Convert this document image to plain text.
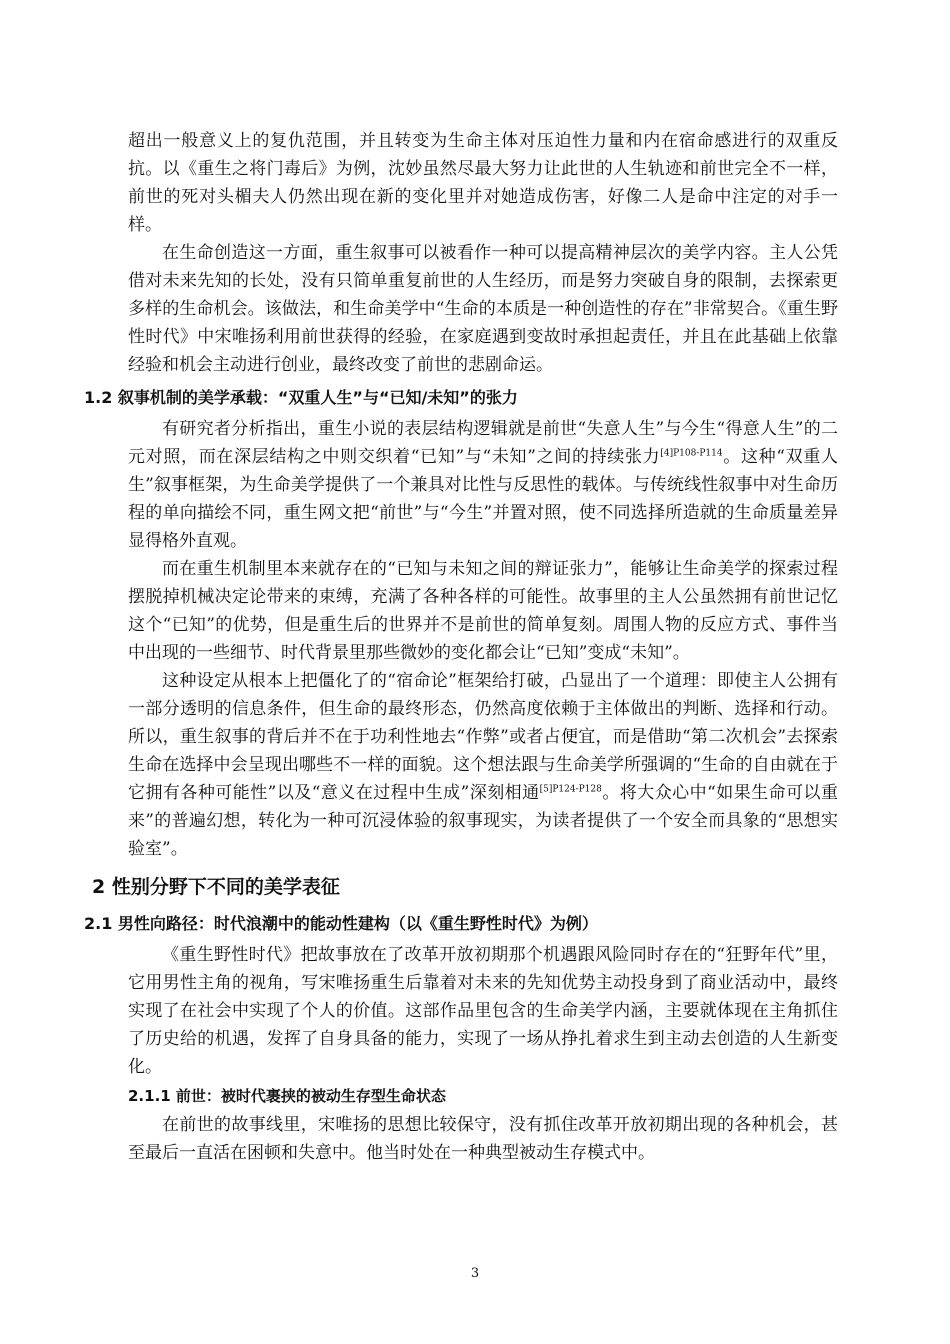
超出一般意义上的复仇范围，并且转变为生命主体对压迫性力量和内在宿命感进行的双重反抗。以《重生之将门毒后》为例，沈妙虽然尽最大努力让此世的人生轨迹和前世完全不一样，前世的死对头楣夫人仍然出现在新的变化里并对她造成伤害，好像二人是命中注定的对手一样。

在生命创造这一方面，重生叙事可以被看作一种可以提高精神层次的美学内容。主人公凭借对未来先知的长处，没有只简单重复前世的人生经历，而是努力突破自身的限制，去探索更多样的生命机会。该做法，和生命美学中“生命的本质是一种创造性的存在”非常契合。《重生野性时代》中宋唯扬利用前世获得的经验，在家庭遇到变故时承担起责任，并且在此基础上依靠经验和机会主动进行创业，最终改变了前世的悲剧命运。

1.2 叙事机制的美学承载：“双重人生”与“已知/未知”的张力

有研究者分析指出，重生小说的表层结构逻辑就是前世“失意人生”与今生“得意人生”的二元对照，而在深层结构之中则交织着“已知”与“未知”之间的持续张力$^{[4]P108-P114}$。这种“双重人生”叙事框架，为生命美学提供了一个兼具对比性与反思性的载体。与传统线性叙事中对生命历程的单向描绘不同，重生网文把“前世”与“今生”并置对照，使不同选择所造就的生命质量差异显得格外直观。

而在重生机制里本来就存在的“已知与未知之间的辩证张力”，能够让生命美学的探索过程摆脱掉机械决定论带来的束缚，充满了各种各样的可能性。故事里的主人公虽然拥有前世记忆这个“已知”的优势，但是重生后的世界并不是前世的简单复刻。周围人物的反应方式、事件当中出现的一些细节、时代背景里那些微妙的变化都会让“已知”变成“未知”。

这种设定从根本上把僵化了的“宿命论”框架给打破，凸显出了一个道理：即使主人公拥有一部分透明的信息条件，但生命的最终形态，仍然高度依赖于主体做出的判断、选择和行动。所以，重生叙事的背后并不在于功利性地去“作弊”或者占便宜，而是借助“第二次机会”去探索生命在选择中会呈现出哪些不一样的面貌。这个想法跟与生命美学所强调的“生命的自由就在于它拥有各种可能性”以及“意义在过程中生成”深刻相通$^{[5]P124-P128}$。将大众心中“如果生命可以重来”的普遍幻想，转化为一种可沉浸体验的叙事现实，为读者提供了一个安全而具象的“思想实验室”。

2 性别分野下不同的美学表征
2.1 男性向路径：时代浪潮中的能动性建构（以《重生野性时代》为例）

《重生野性时代》把故事放在了改革开放初期那个机遇跟风险同时存在的“狂野年代”里，它用男性主角的视角，写宋唯扬重生后靠着对未来的先知优势主动投身到了商业活动中，最终实现了在社会中实现了个人的价值。这部作品里包含的生命美学内涵，主要就体现在主角抓住了历史给的机遇，发挥了自身具备的能力，实现了一场从挣扎着求生到主动去创造的人生新变化。

2.1.1 前世：被时代裹挟的被动生存型生命状态

在前世的故事线里，宋唯扬的思想比较保守，没有抓住改革开放初期出现的各种机会，甚至最后一直活在困顿和失意中。他当时处在一种典型被动生存模式中。

3
